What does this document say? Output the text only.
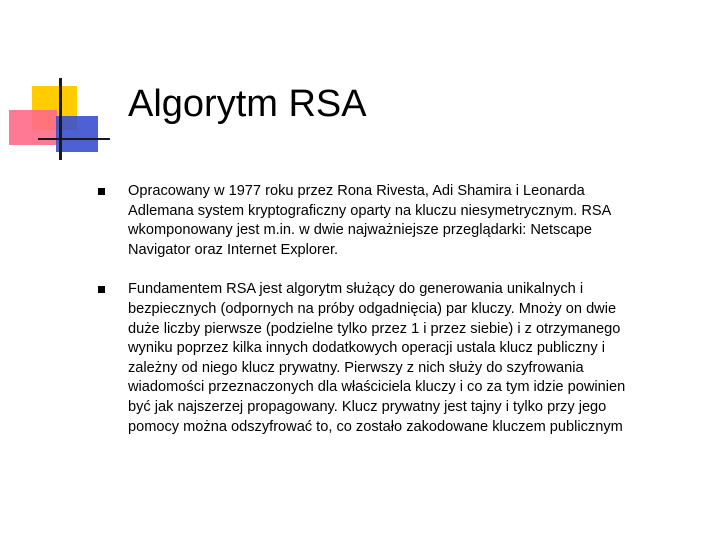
Algorytm RSA
Opracowany w 1977 roku przez Rona Rivesta, Adi Shamira i Leonarda Adlemana system kryptograficzny oparty na kluczu niesymetrycznym. RSA wkomponowany jest m.in. w dwie najważniejsze przeglądarki: Netscape Navigator oraz Internet Explorer.
Fundamentem RSA jest algorytm służący do generowania unikalnych i bezpiecznych (odpornych na próby odgadnięcia) par kluczy. Mnoży on dwie duże liczby pierwsze (podzielne tylko przez 1 i przez siebie) i z otrzymanego wyniku poprzez kilka innych dodatkowych operacji ustala klucz publiczny i zależny od niego klucz prywatny. Pierwszy z nich służy do szyfrowania wiadomości przeznaczonych dla właściciela kluczy i co za tym idzie powinien być jak najszerzej propagowany. Klucz prywatny jest tajny i tylko przy jego pomocy można odszyfrować to, co zostało zakodowane kluczem publicznym
